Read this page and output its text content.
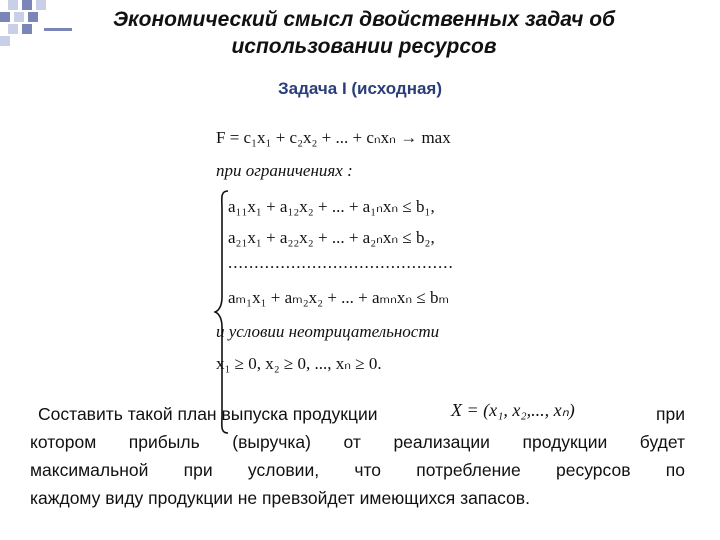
Экономический смысл двойственных задач об
использовании ресурсов
Задача I (исходная)
F = c₁x₁ + c₂x₂ + ... + cₙxₙ → max
при ограничениях :
a₁₁x₁ + a₁₂x₂ + ... + a₁ₙxₙ ≤ b₁,
a₂₁x₁ + a₂₂x₂ + ... + a₂ₙxₙ ≤ b₂,
...........................................
aₘ₁x₁ + aₘ₂x₂ + ... + aₘₙxₙ ≤ bₘ
и условии неотрицательности
x₁ ≥ 0, x₂ ≥ 0, ..., xₙ ≥ 0.
Составить такой план выпуска продукции	X = (x₁, x₂,..., xₙ)	при
котором прибыль (выручка) от реализации продукции будет
максимальной при условии, что потребление ресурсов по
каждому виду продукции не превзойдет имеющихся запасов.
